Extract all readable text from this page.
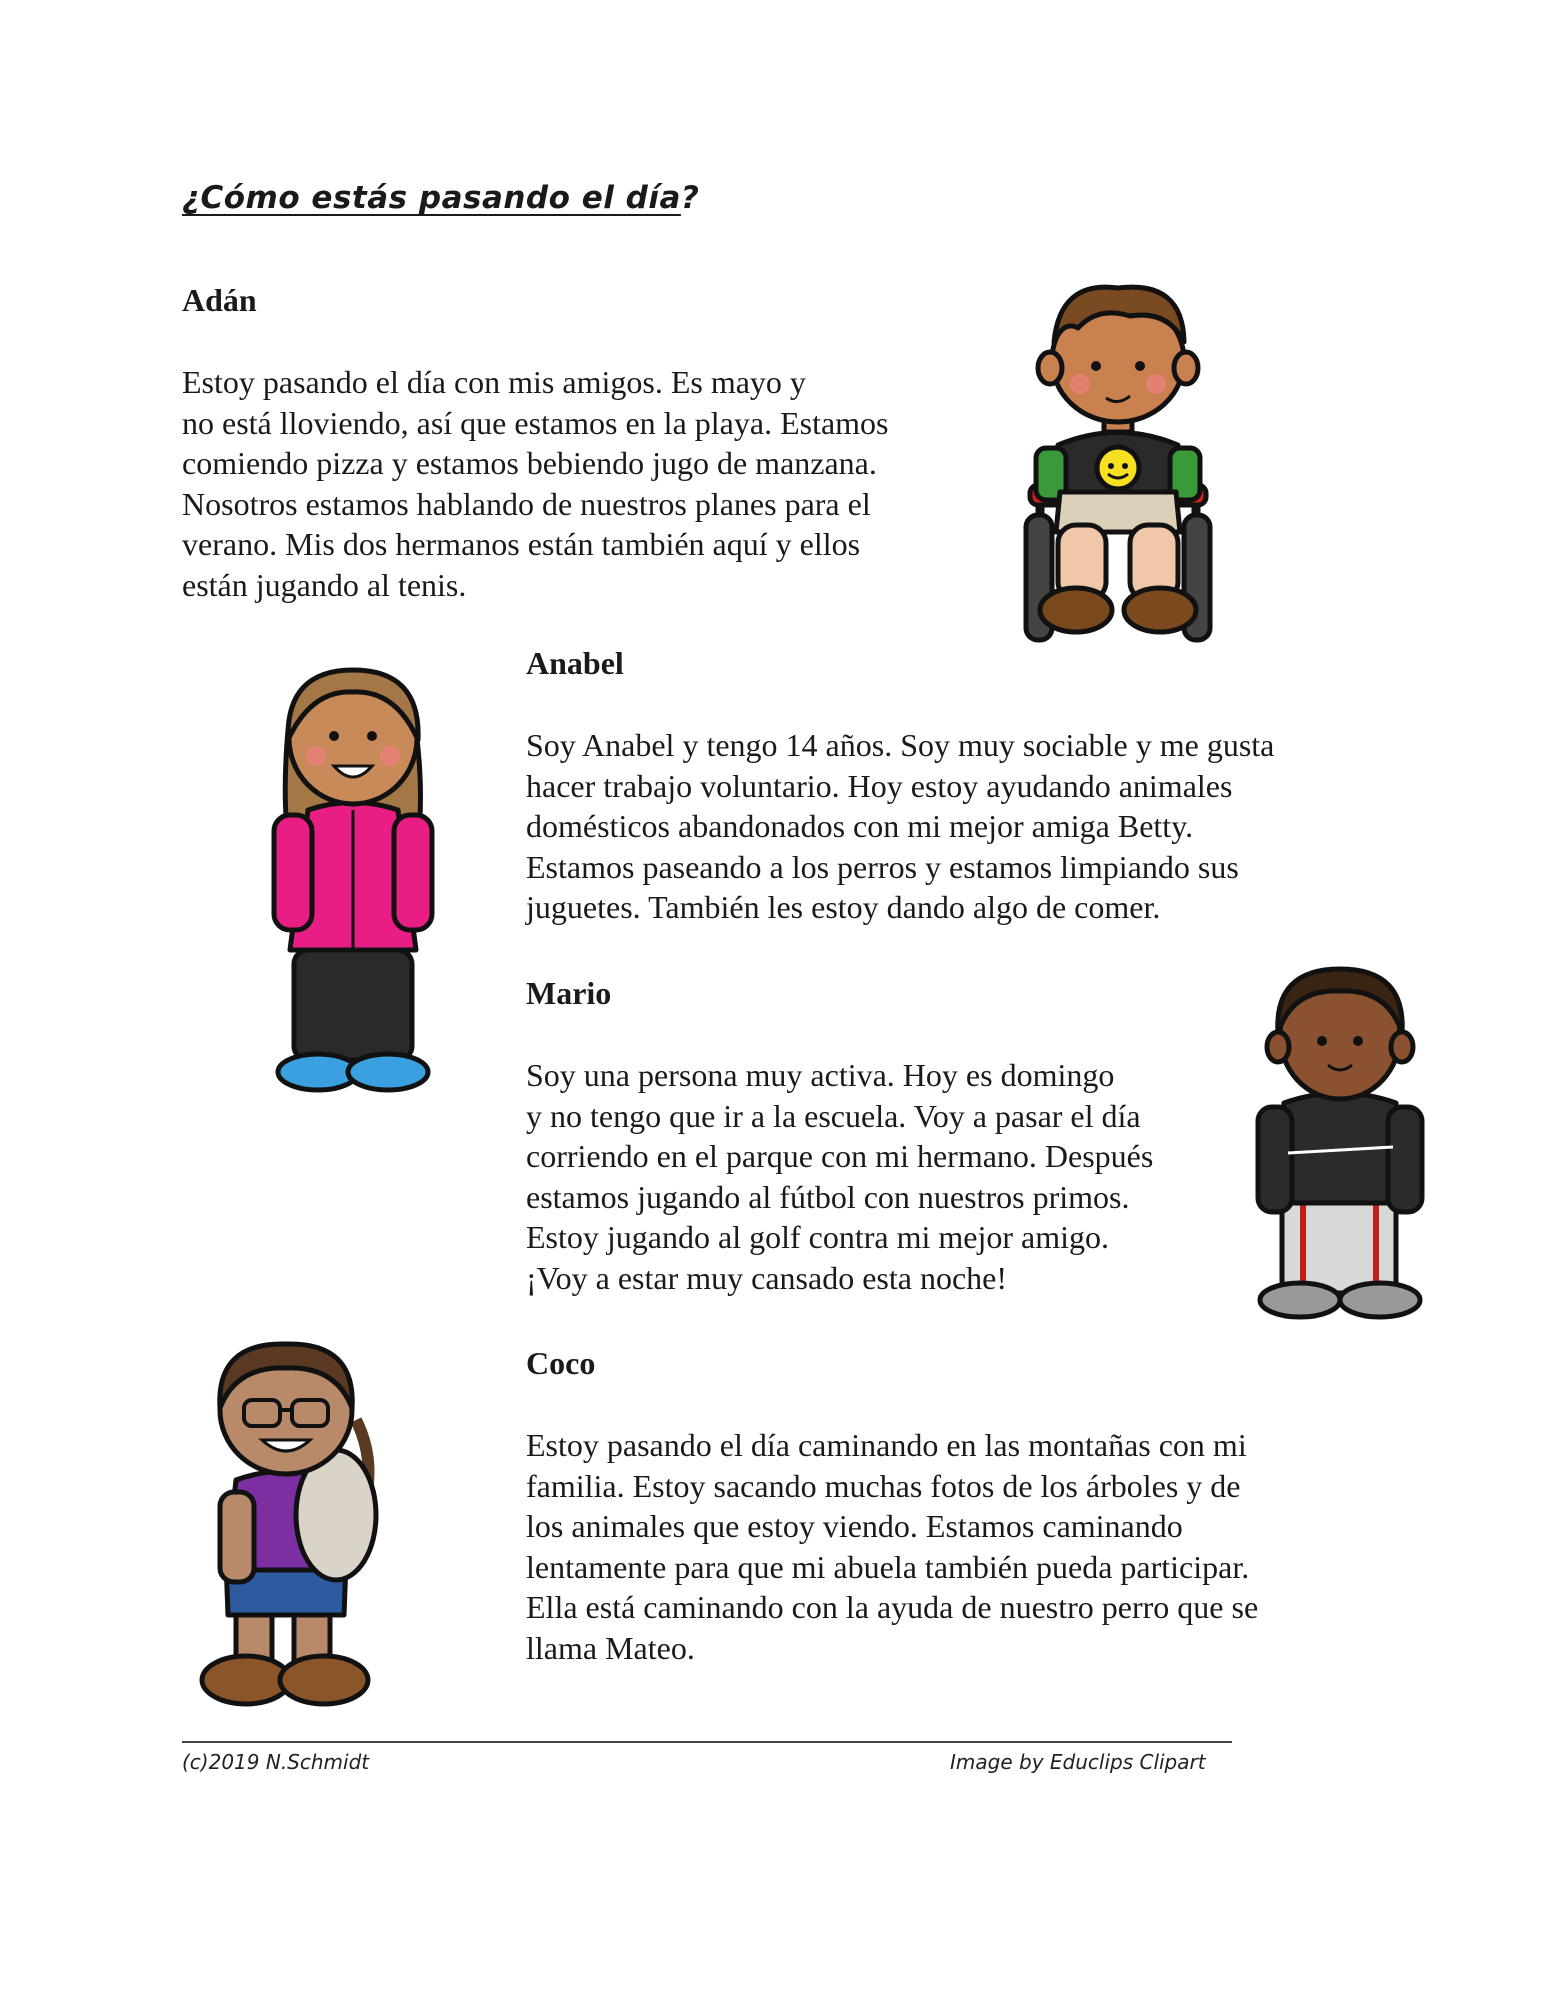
¿Cómo estás pasando el día?
Adán

Estoy pasando el día con mis amigos. Es mayo y
no está lloviendo, así que estamos en la playa. Estamos
comiendo pizza y estamos bebiendo jugo de manzana.
Nosotros estamos hablando de nuestros planes para el
verano. Mis dos hermanos están también aquí y ellos
están jugando al tenis.

Anabel

Soy Anabel y tengo 14 años. Soy muy sociable y me gusta
hacer trabajo voluntario. Hoy estoy ayudando animales
domésticos abandonados con mi mejor amiga Betty.
Estamos paseando a los perros y estamos limpiando sus
juguetes. También les estoy dando algo de comer.

Mario

Soy una persona muy activa. Hoy es domingo
y no tengo que ir a la escuela. Voy a pasar el día
corriendo en el parque con mi hermano. Después
estamos jugando al fútbol con nuestros primos.
Estoy jugando al golf contra mi mejor amigo.
¡Voy a estar muy cansado esta noche!

Coco

Estoy pasando el día caminando en las montañas con mi
familia. Estoy sacando muchas fotos de los árboles y de
los animales que estoy viendo. Estamos caminando
lentamente para que mi abuela también pueda participar.
Ella está caminando con la ayuda de nuestro perro que se
llama Mateo.

(c)2019 N.Schmidt	Image by Educlips Clipart
